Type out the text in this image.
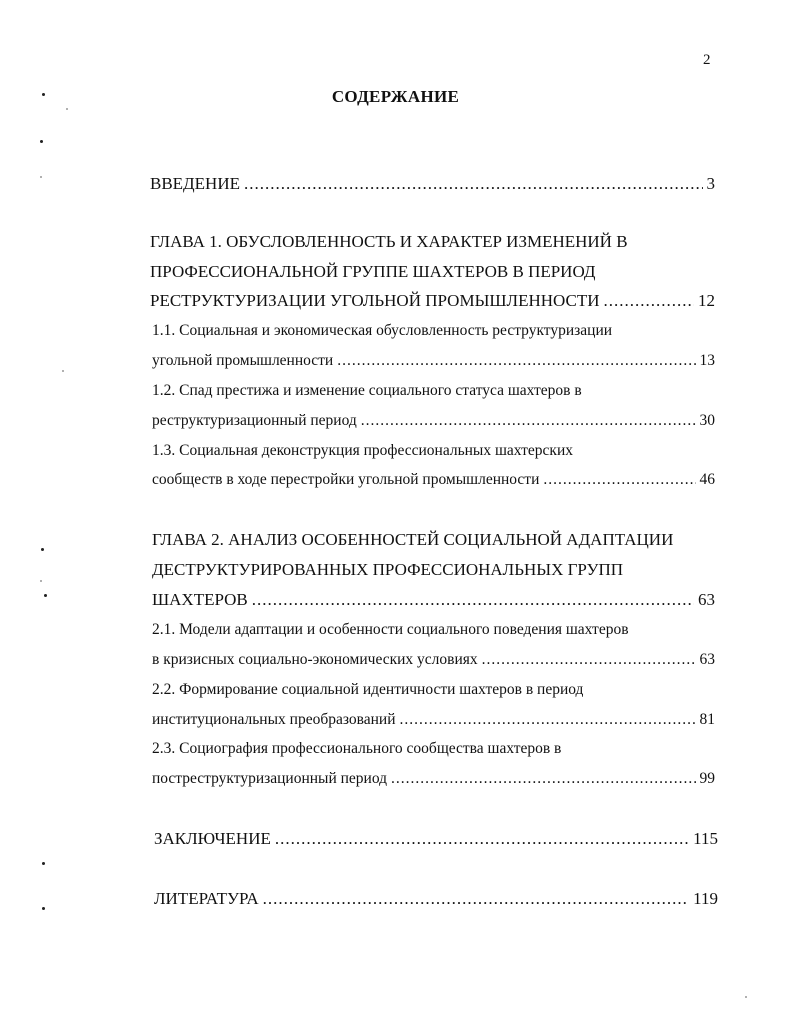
2
СОДЕРЖАНИЕ
ВВЕДЕНИЕ .....	3
ГЛАВА 1. ОБУСЛОВЛЕННОСТЬ И ХАРАКТЕР ИЗМЕНЕНИЙ В
ПРОФЕССИОНАЛЬНОЙ ГРУППЕ ШАХТЕРОВ В ПЕРИОД
РЕСТРУКТУРИЗАЦИИ УГОЛЬНОЙ ПРОМЫШЛЕННОСТИ .....	12
1.1. Социальная и экономическая обусловленность реструктуризации
угольной промышленности .....	13
1.2. Спад престижа и изменение социального статуса шахтеров в
реструктуризационный период .....	30
1.3. Социальная деконструкция профессиональных шахтерских
сообществ в ходе перестройки угольной промышленности .....	46
ГЛАВА 2. АНАЛИЗ ОСОБЕННОСТЕЙ СОЦИАЛЬНОЙ АДАПТАЦИИ
ДЕСТРУКТУРИРОВАННЫХ ПРОФЕССИОНАЛЬНЫХ ГРУПП
ШАХТЕРОВ .....	63
2.1. Модели адаптации и особенности социального поведения шахтеров
в кризисных социально-экономических условиях .....	63
2.2. Формирование социальной идентичности шахтеров в период
институциональных преобразований .....	81
2.3. Социография профессионального сообщества шахтеров в
постреструктуризационный период .....	99
ЗАКЛЮЧЕНИЕ .....	115
ЛИТЕРАТУРА .....	119
